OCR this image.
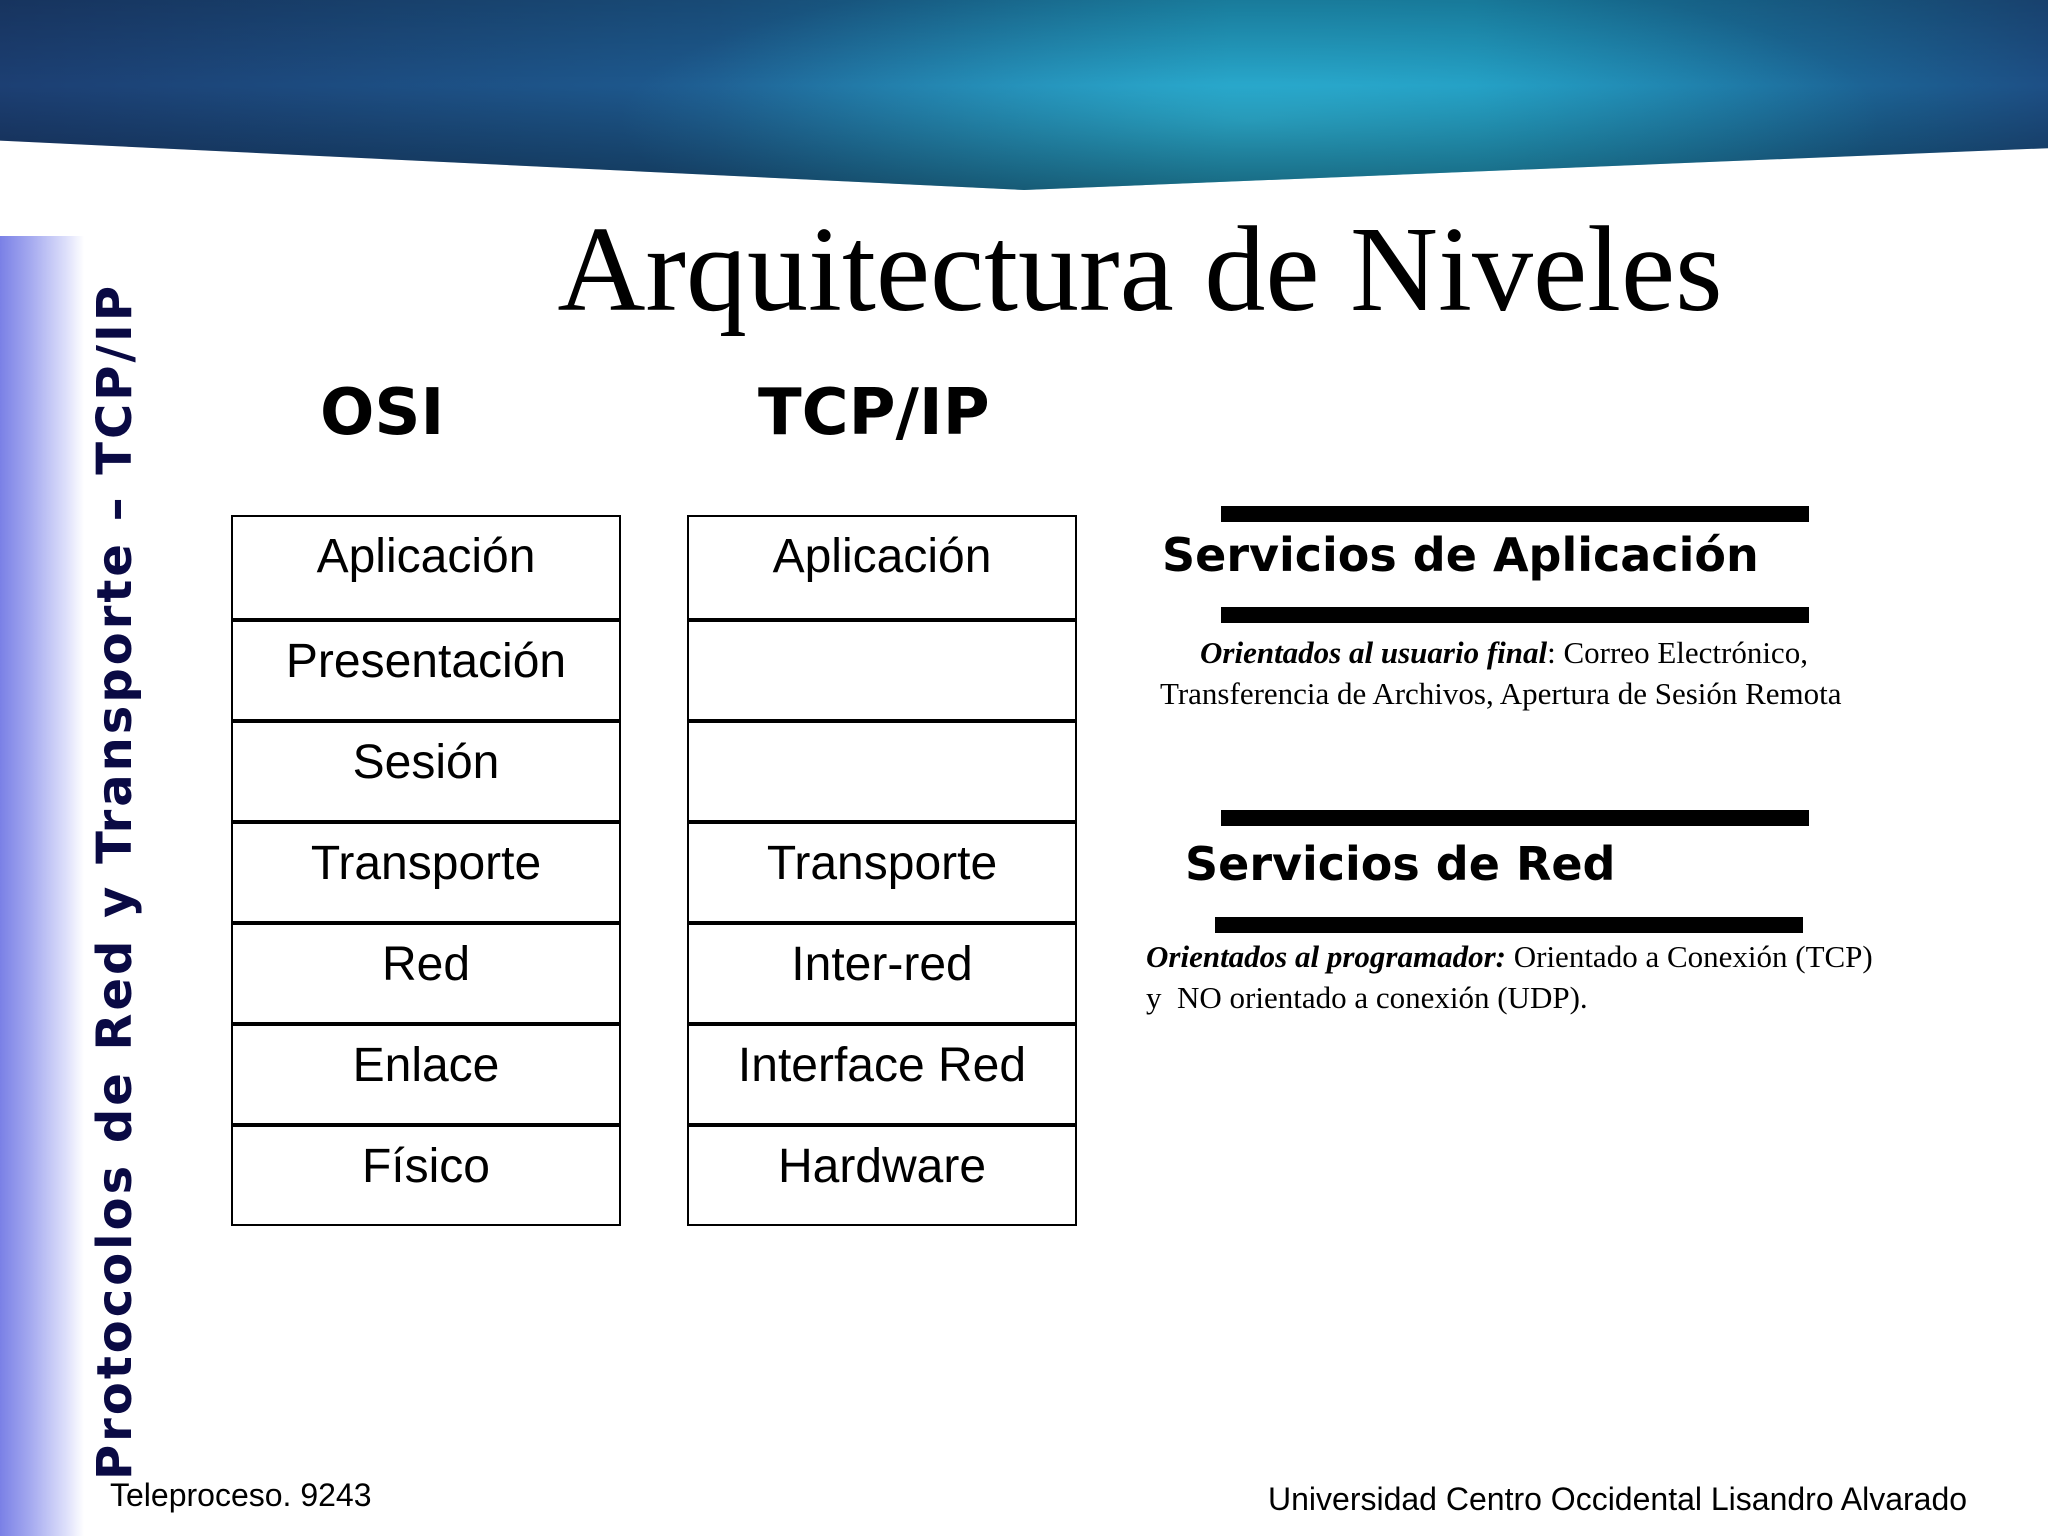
Protocolos de Red y Transporte – TCP/IP
Arquitectura de Niveles
OSI	TCP/IP
Aplicación
Presentación
Sesión
Transporte
Red
Enlace
Físico
Aplicación
Transporte
Inter-red
Interface Red
Hardware
Servicios de Aplicación
Orientados al usuario final: Correo Electrónico,
Transferencia de Archivos, Apertura de Sesión Remota
Servicios de Red
Orientados al programador: Orientado a Conexión (TCP)
y  NO orientado a conexión (UDP).
Teleproceso. 9243	Universidad Centro Occidental Lisandro Alvarado
